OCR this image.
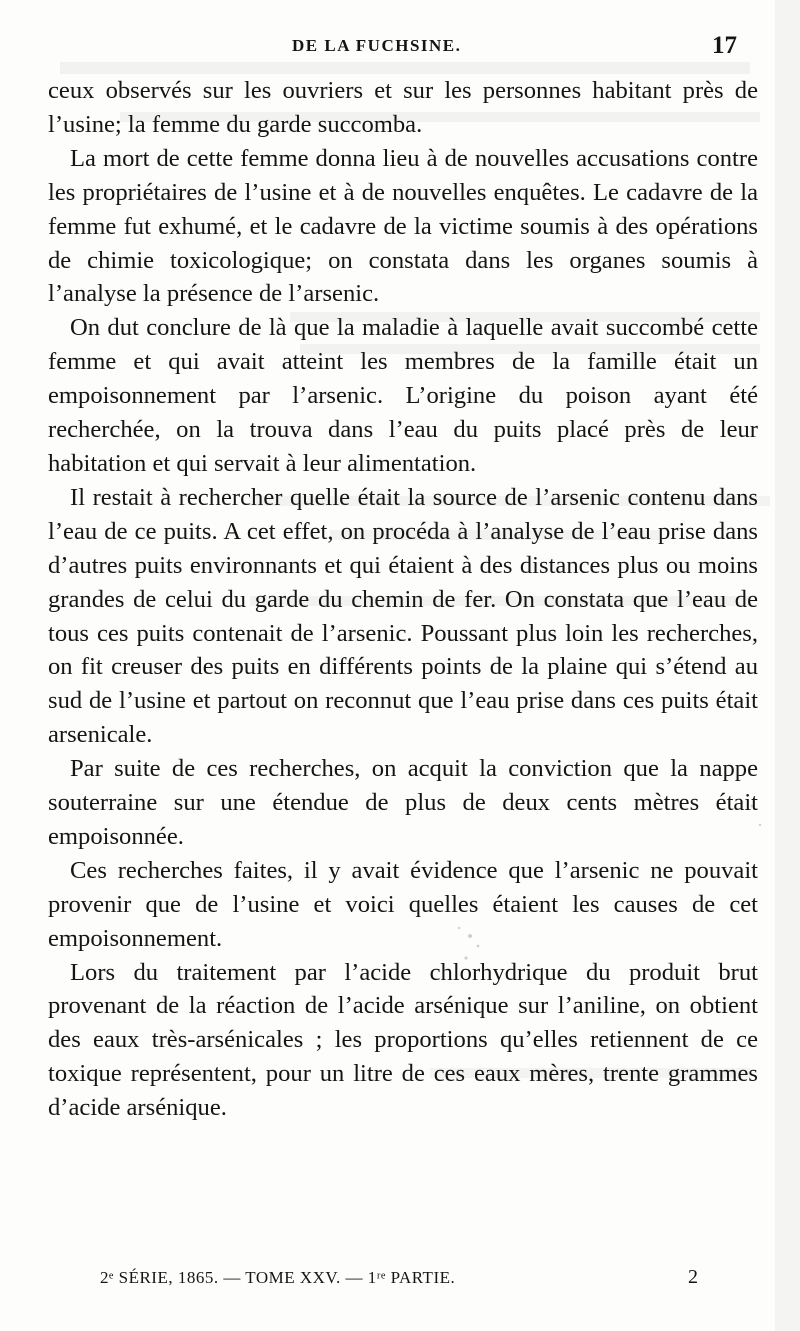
DE LA FUCHSINE.	17

ceux observés sur les ouvriers et sur les personnes habitant près de l’usine; la femme du garde succomba.

La mort de cette femme donna lieu à de nouvelles accusations contre les propriétaires de l’usine et à de nouvelles enquêtes. Le cadavre de la femme fut exhumé, et le cadavre de la victime soumis à des opérations de chimie toxicologique; on constata dans les organes soumis à l’analyse la présence de l’arsenic.

On dut conclure de là que la maladie à laquelle avait succombé cette femme et qui avait atteint les membres de la famille était un empoisonnement par l’arsenic. L’origine du poison ayant été recherchée, on la trouva dans l’eau du puits placé près de leur habitation et qui servait à leur alimentation.

Il restait à rechercher quelle était la source de l’arsenic contenu dans l’eau de ce puits. A cet effet, on procéda à l’analyse de l’eau prise dans d’autres puits environnants et qui étaient à des distances plus ou moins grandes de celui du garde du chemin de fer. On constata que l’eau de tous ces puits contenait de l’arsenic. Poussant plus loin les recherches, on fit creuser des puits en différents points de la plaine qui s’étend au sud de l’usine et partout on reconnut que l’eau prise dans ces puits était arsenicale.

Par suite de ces recherches, on acquit la conviction que la nappe souterraine sur une étendue de plus de deux cents mètres était empoisonnée.

Ces recherches faites, il y avait évidence que l’arsenic ne pouvait provenir que de l’usine et voici quelles étaient les causes de cet empoisonnement.

Lors du traitement par l’acide chlorhydrique du produit brut provenant de la réaction de l’acide arsénique sur l’aniline, on obtient des eaux très-arsénicales ; les proportions qu’elles retiennent de ce toxique représentent, pour un litre de ces eaux mères, trente grammes d’acide arsénique.

2ᵉ SÉRIE, 1865. — TOME XXV. — 1ʳᵉ PARTIE.	2
